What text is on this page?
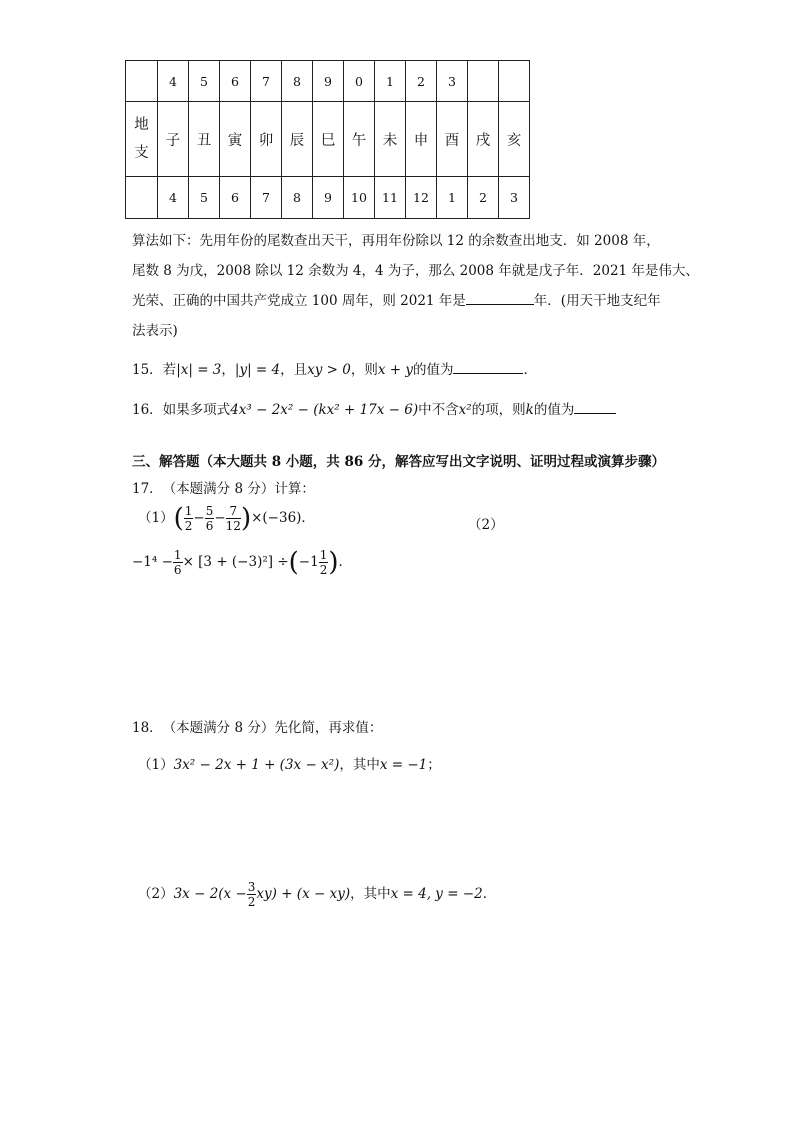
	4	5	6	7	8	9	0	1	2	3		

地
支	子	丑	寅	卯	辰	巳	午	未	申	酉	戌	亥
	4	5	6	7	8	9	10	11	12	1	2	3
算法如下：先用年份的尾数查出天干，再用年份除以 12 的余数查出地支．如 2008 年，
尾数 8 为戊，2008 除以 12 余数为 4，4 为子，那么 2008 年就是戊子年．2021 年是伟大、
光荣、正确的中国共产党成立 100 周年，则 2021 年是	年．(用天干地支纪年
法表示)
15．若|x| = 3，|y| = 4，且xy > 0，则x + y的值为	．
16．如果多项式4x³ − 2x² − (kx² + 17x − 6)中不含x²的项，则k的值为
三、解答题（本大题共 8 小题，共 86 分，解答应写出文字说明、证明过程或演算步骤）
17．　（本题满分 8 分）计算：
$(1)( \frac{1}{2} - \frac{5}{6} - \frac{7}{12} )\times(-36)$．	（2）
$-1^4 - \frac{1}{6} \times [3 + (-3)^2] \div(-1 \frac{1}{2}$ )．
18．　（本题满分 8 分）先化简，再求值：
（1）3x² − 2x + 1 + (3x − x²)，其中x = −1；
$(2)3x - 2(x - \frac{3}{2} xy) + (x - xy)$，其中x = 4, y = −2．
